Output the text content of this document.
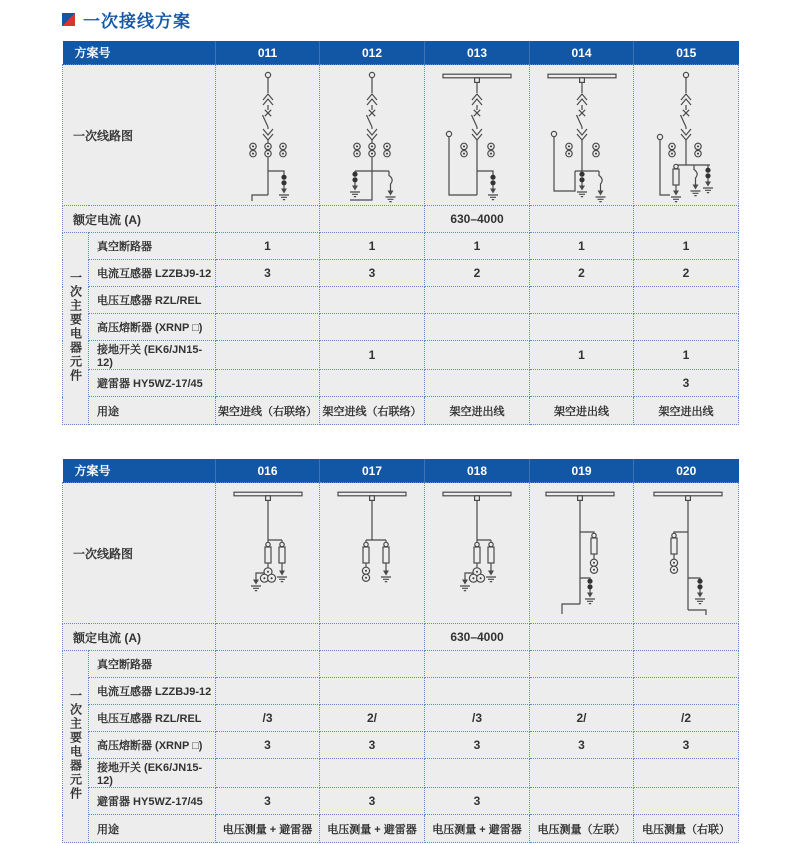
一次接线方案
方案号		011	012	013	014	015
一次线路图	

额定电流 (A)				630–4000		
一次主要电器元件	真空断路器	1	1	1	1	1
	电流互感器 LZZBJ9-12	3	3	2	2	2
	电压互感器 RZL/REL					
	高压熔断器 (XRNP □)					
	接地开关 (EK6/JN15-12)		1		1	1
	避雷器 HY5WZ-17/45					3
	用途	架空进线（右联络）	架空进线（右联络）	架空进出线	架空进出线	架空进出线
方案号		016	017	018	019	020
一次线路图	

额定电流 (A)				630–4000		
一次主要电器元件	真空断路器					
	电流互感器 LZZBJ9-12					
	电压互感器 RZL/REL	/3	2/	/3	2/	/2
	高压熔断器 (XRNP □)	3	3	3	3	3
	接地开关 (EK6/JN15-12)					
	避雷器 HY5WZ-17/45	3	3	3		
	用途	电压测量 + 避雷器	电压测量 + 避雷器	电压测量 + 避雷器	电压测量（左联）	电压测量（右联）
